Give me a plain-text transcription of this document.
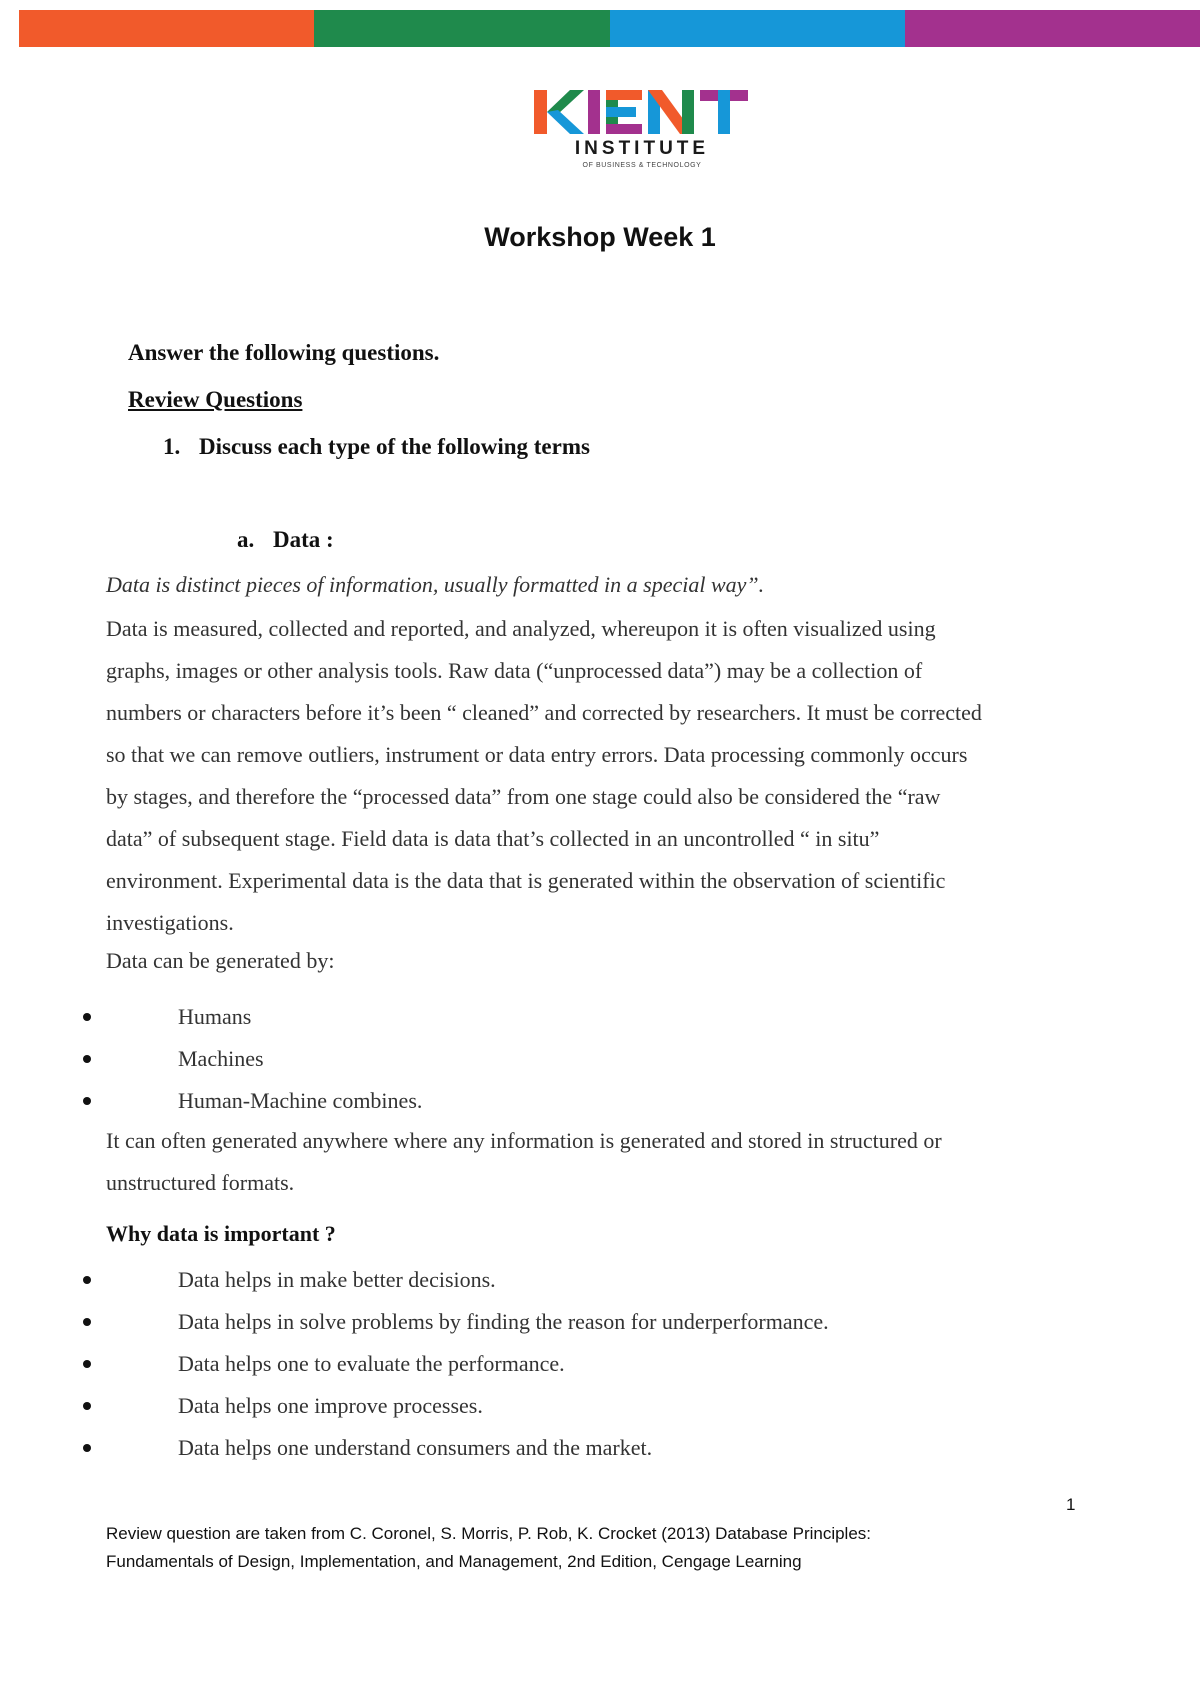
INSTITUTE
OF BUSINESS & TECHNOLOGY
Workshop Week 1
Answer the following questions.
Review Questions
1. Discuss each type of the following terms
a. Data :
Data is distinct pieces of information, usually formatted in a special way”.
Data is measured, collected and reported, and analyzed, whereupon it is often visualized using
graphs, images or other analysis tools. Raw data (“unprocessed data”) may be a collection of
numbers or characters before it’s been “ cleaned” and corrected by researchers. It must be corrected
so that we can remove outliers, instrument or data entry errors. Data processing commonly occurs
by stages, and therefore the “processed data” from one stage could also be considered the “raw
data” of subsequent stage. Field data is data that’s collected in an uncontrolled “ in situ”
environment. Experimental data is the data that is generated within the observation of scientific
investigations.
Data can be generated by:
Humans
Machines
Human-Machine combines.
It can often generated anywhere where any information is generated and stored in structured or
unstructured formats.
Why data is important ?
Data helps in make better decisions.
Data helps in solve problems by finding the reason for underperformance.
Data helps one to evaluate the performance.
Data helps one improve processes.
Data helps one understand consumers and the market.
1
Review question are taken from C. Coronel, S. Morris, P. Rob, K. Crocket (2013) Database Principles:
Fundamentals of Design, Implementation, and Management, 2nd Edition, Cengage Learning
